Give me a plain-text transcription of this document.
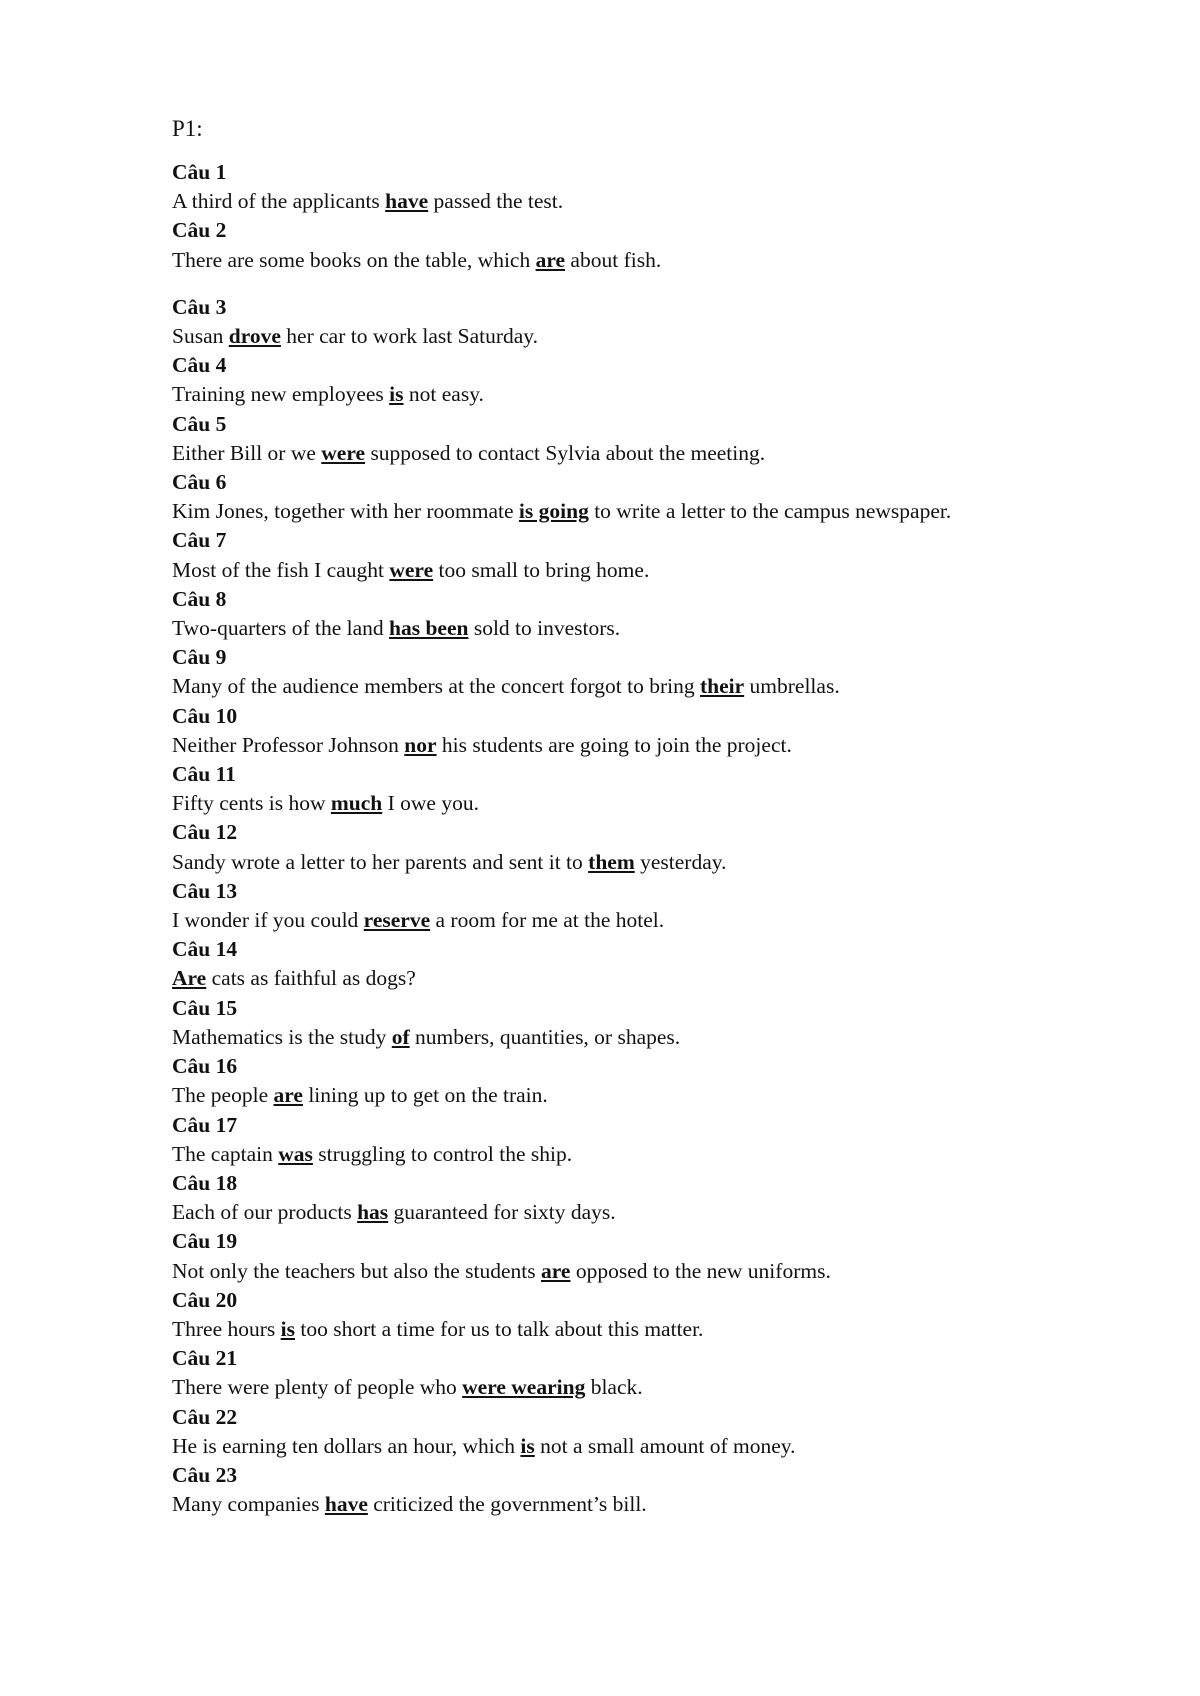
P1:
Câu 1
A third of the applicants have passed the test.
Câu 2
There are some books on the table, which are about fish.
Câu 3
Susan drove her car to work last Saturday.
Câu 4
Training new employees is not easy.
Câu 5
Either Bill or we were supposed to contact Sylvia about the meeting.
Câu 6
Kim Jones, together with her roommate is going to write a letter to the campus newspaper.
Câu 7
Most of the fish I caught were too small to bring home.
Câu 8
Two-quarters of the land has been sold to investors.
Câu 9
Many of the audience members at the concert forgot to bring their umbrellas.
Câu 10
Neither Professor Johnson nor his students are going to join the project.
Câu 11
Fifty cents is how much I owe you.
Câu 12
Sandy wrote a letter to her parents and sent it to them yesterday.
Câu 13
I wonder if you could reserve a room for me at the hotel.
Câu 14
Are cats as faithful as dogs?
Câu 15
Mathematics is the study of numbers, quantities, or shapes.
Câu 16
The people are lining up to get on the train.
Câu 17
The captain was struggling to control the ship.
Câu 18
Each of our products has guaranteed for sixty days.
Câu 19
Not only the teachers but also the students are opposed to the new uniforms.
Câu 20
Three hours is too short a time for us to talk about this matter.
Câu 21
There were plenty of people who were wearing black.
Câu 22
He is earning ten dollars an hour, which is not a small amount of money.
Câu 23
Many companies have criticized the government’s bill.
